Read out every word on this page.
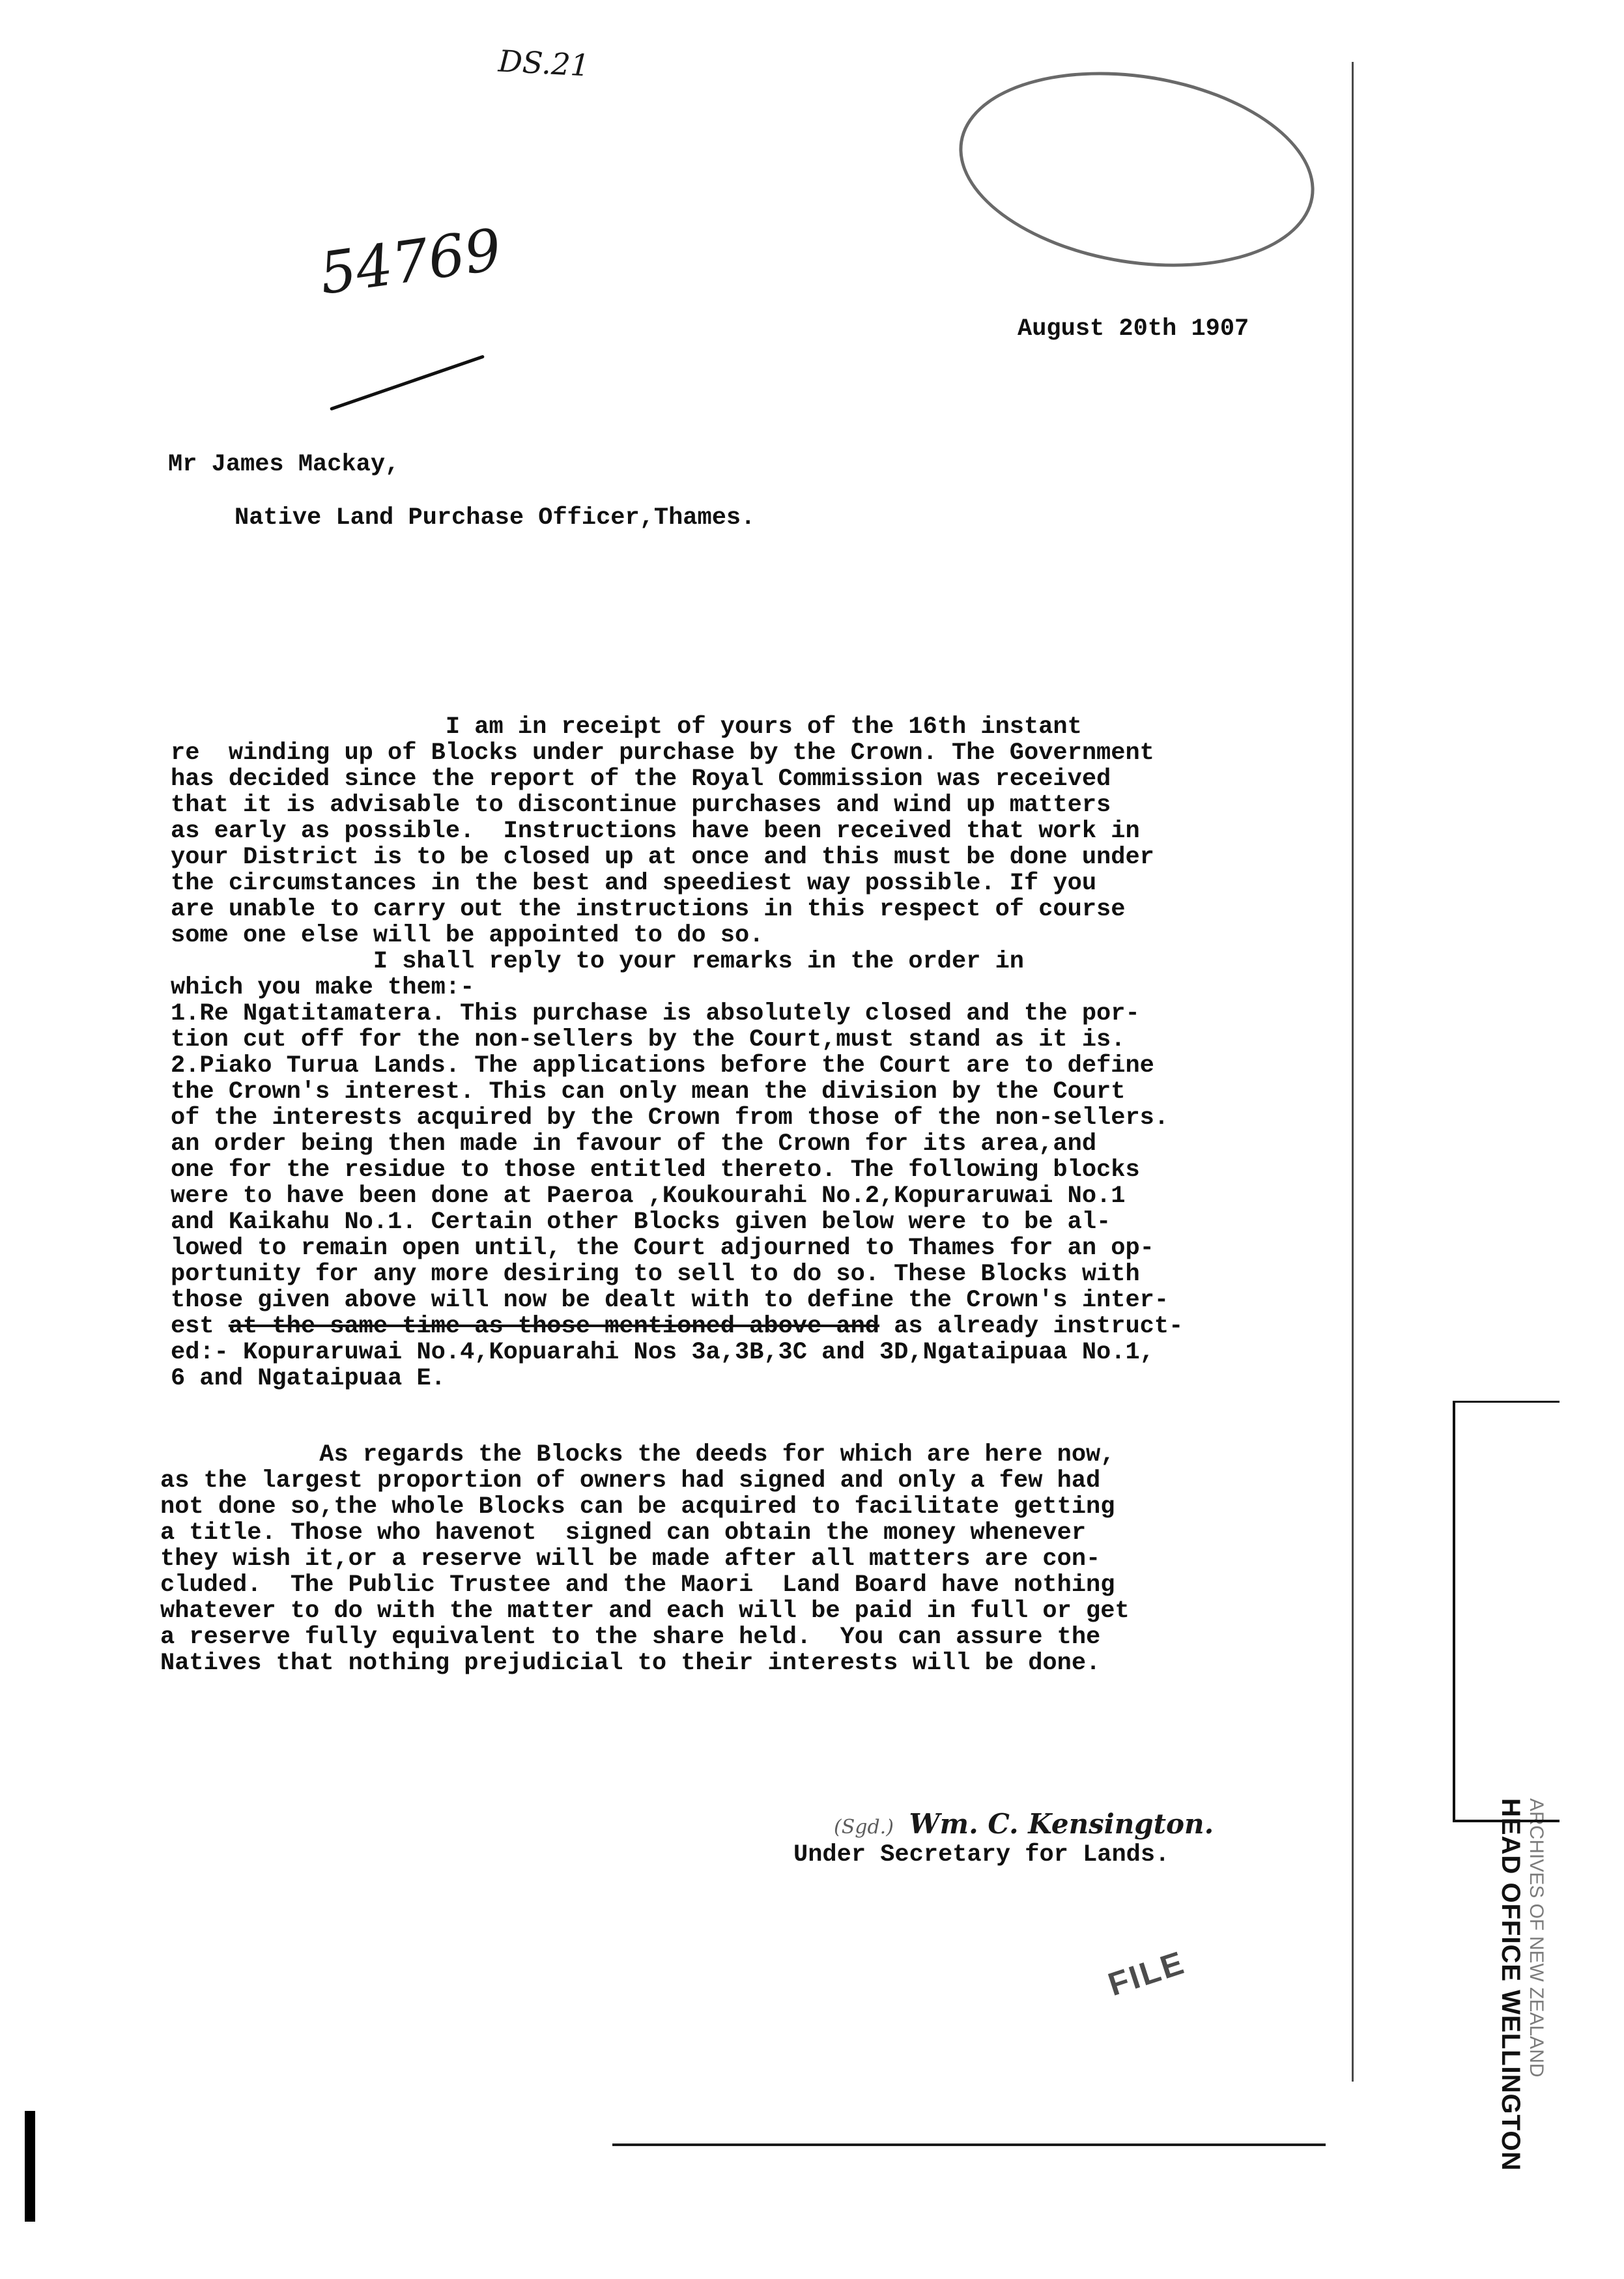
DS.21
54769
August 20th 1907
Mr James Mackay,
Native Land Purchase Officer,Thames.

I am in receipt of yours of the 16th instant

re  winding up of Blocks under purchase by the Crown. The Government

has decided since the report of the Royal Commission was received

that it is advisable to discontinue purchases and wind up matters

as early as possible.  Instructions have been received that work in

your District is to be closed up at once and this must be done under

the circumstances in the best and speediest way possible. If you

are unable to carry out the instructions in this respect of course

some one else will be appointed to do so.

I shall reply to your remarks in the order in

which you make them:-

1.Re Ngatitamatera. This purchase is absolutely closed and the por-

tion cut off for the non-sellers by the Court,must stand as it is.

2.Piako Turua Lands. The applications before the Court are to define

the Crown's interest. This can only mean the division by the Court

of the interests acquired by the Crown from those of the non-sellers.

an order being then made in favour of the Crown for its area,and

one for the residue to those entitled thereto. The following blocks

were to have been done at Paeroa ,Koukourahi No.2,Kopuraruwai No.1

and Kaikahu No.1. Certain other Blocks given below were to be al-

lowed to remain open until, the Court adjourned to Thames for an op-

portunity for any more desiring to sell to do so. These Blocks with

those given above will now be dealt with to define the Crown's inter-

est at the same time as those mentioned above and as already instruct-

ed:- Kopuraruwai No.4,Kopuarahi Nos 3a,3B,3C and 3D,Ngataipuaa No.1,

6 and Ngataipuaa E.

As regards the Blocks the deeds for which are here now,

as the largest proportion of owners had signed and only a few had

not done so,the whole Blocks can be acquired to facilitate getting

a title. Those who havenot  signed can obtain the money whenever

they wish it,or a reserve will be made after all matters are con-

cluded.  The Public Trustee and the Maori  Land Board have nothing

whatever to do with the matter and each will be paid in full or get

a reserve fully equivalent to the share held.  You can assure the

Natives that nothing prejudicial to their interests will be done.

(Sgd.) Wm. C. Kensington.
Under Secretary for Lands.
FILE	ARCHIVES OF NEW ZEALAND
HEAD OFFICE WELLINGTON
